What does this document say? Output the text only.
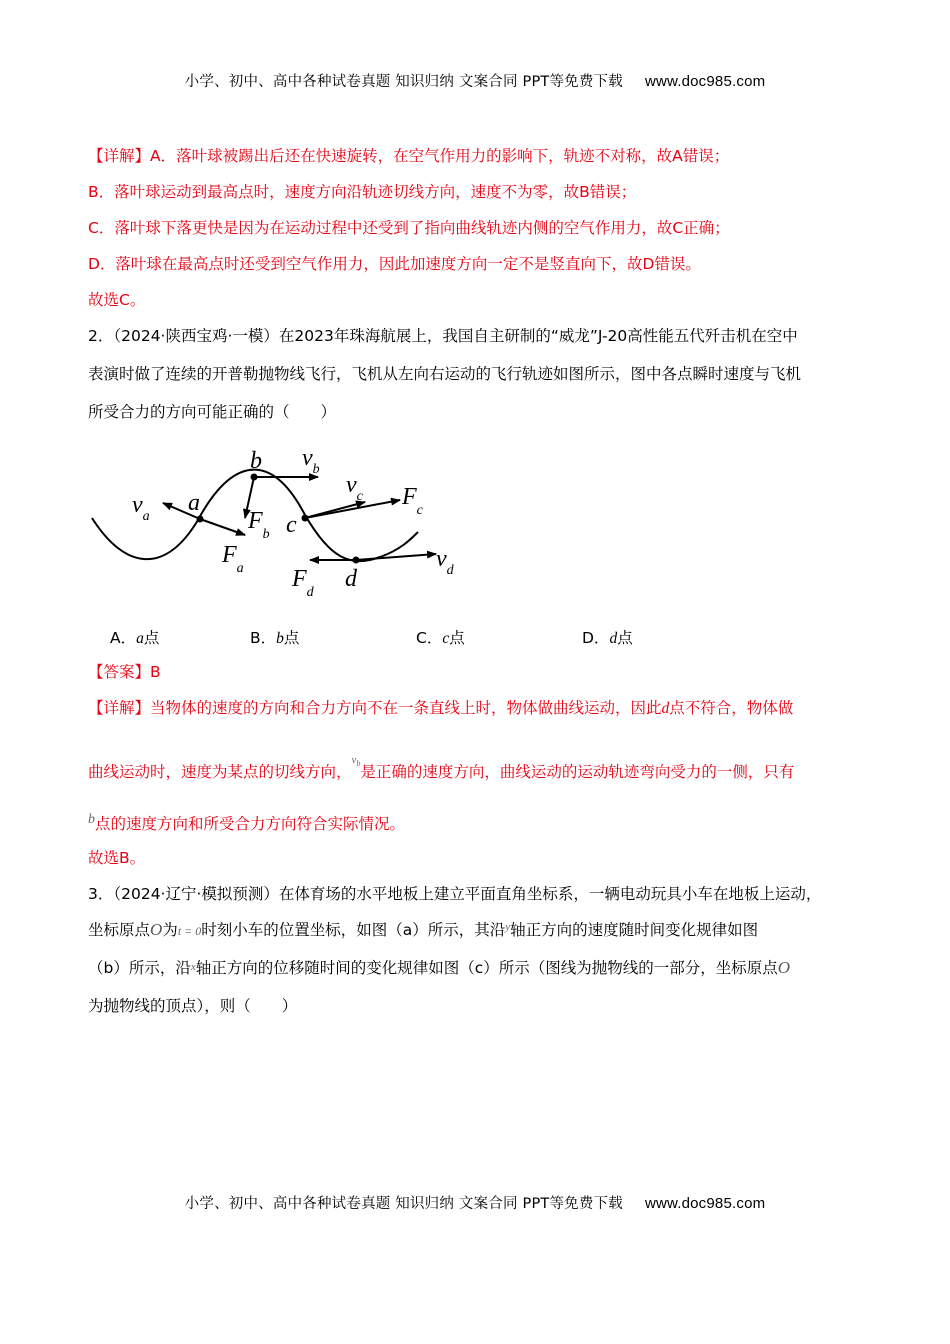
小学、初中、高中各种试卷真题 知识归纳 文案合同 PPT等免费下载 www.doc985.com
【详解】A．落叶球被踢出后还在快速旋转，在空气作用力的影响下，轨迹不对称，故A错误；
B．落叶球运动到最高点时，速度方向沿轨迹切线方向，速度不为零，故B错误；
C．落叶球下落更快是因为在运动过程中还受到了指向曲线轨迹内侧的空气作用力，故C正确；
D．落叶球在最高点时还受到空气作用力，因此加速度方向一定不是竖直向下，故D错误。
故选C。
2．（2024·陕西宝鸡·一模）在2023年珠海航展上，我国自主研制的“威龙”J-20高性能五代歼击机在空中
表演时做了连续的开普勒抛物线飞行，飞机从左向右运动的飞行轨迹如图所示，图中各点瞬时速度与飞机
所受合力的方向可能正确的（　　）
a
b
c
d
$v_a$
$v_b$
$v_c$
$v_d$
$F_a$
$F_b$
$F_c$
$F_d$
A．a点	B．b点	C．c点	D．d点
【答案】B
【详解】当物体的速度的方向和合力方向不在一条直线上时，物体做曲线运动，因此d点不符合，物体做
曲线运动时，速度为某点的切线方向，$^{v_b}$是正确的速度方向，曲线运动的运动轨迹弯向受力的一侧，只有
b点的速度方向和所受合力方向符合实际情况。
故选B。
3．（2024·辽宁·模拟预测）在体育场的水平地板上建立平面直角坐标系，一辆电动玩具小车在地板上运动，
坐标原点O为t = 0时刻小车的位置坐标，如图（a）所示，其沿$^y$轴正方向的速度随时间变化规律如图
（b）所示，沿x轴正方向的位移随时间的变化规律如图（c）所示（图线为抛物线的一部分，坐标原点O
为抛物线的顶点），则（　　）
小学、初中、高中各种试卷真题 知识归纳 文案合同 PPT等免费下载 www.doc985.com
